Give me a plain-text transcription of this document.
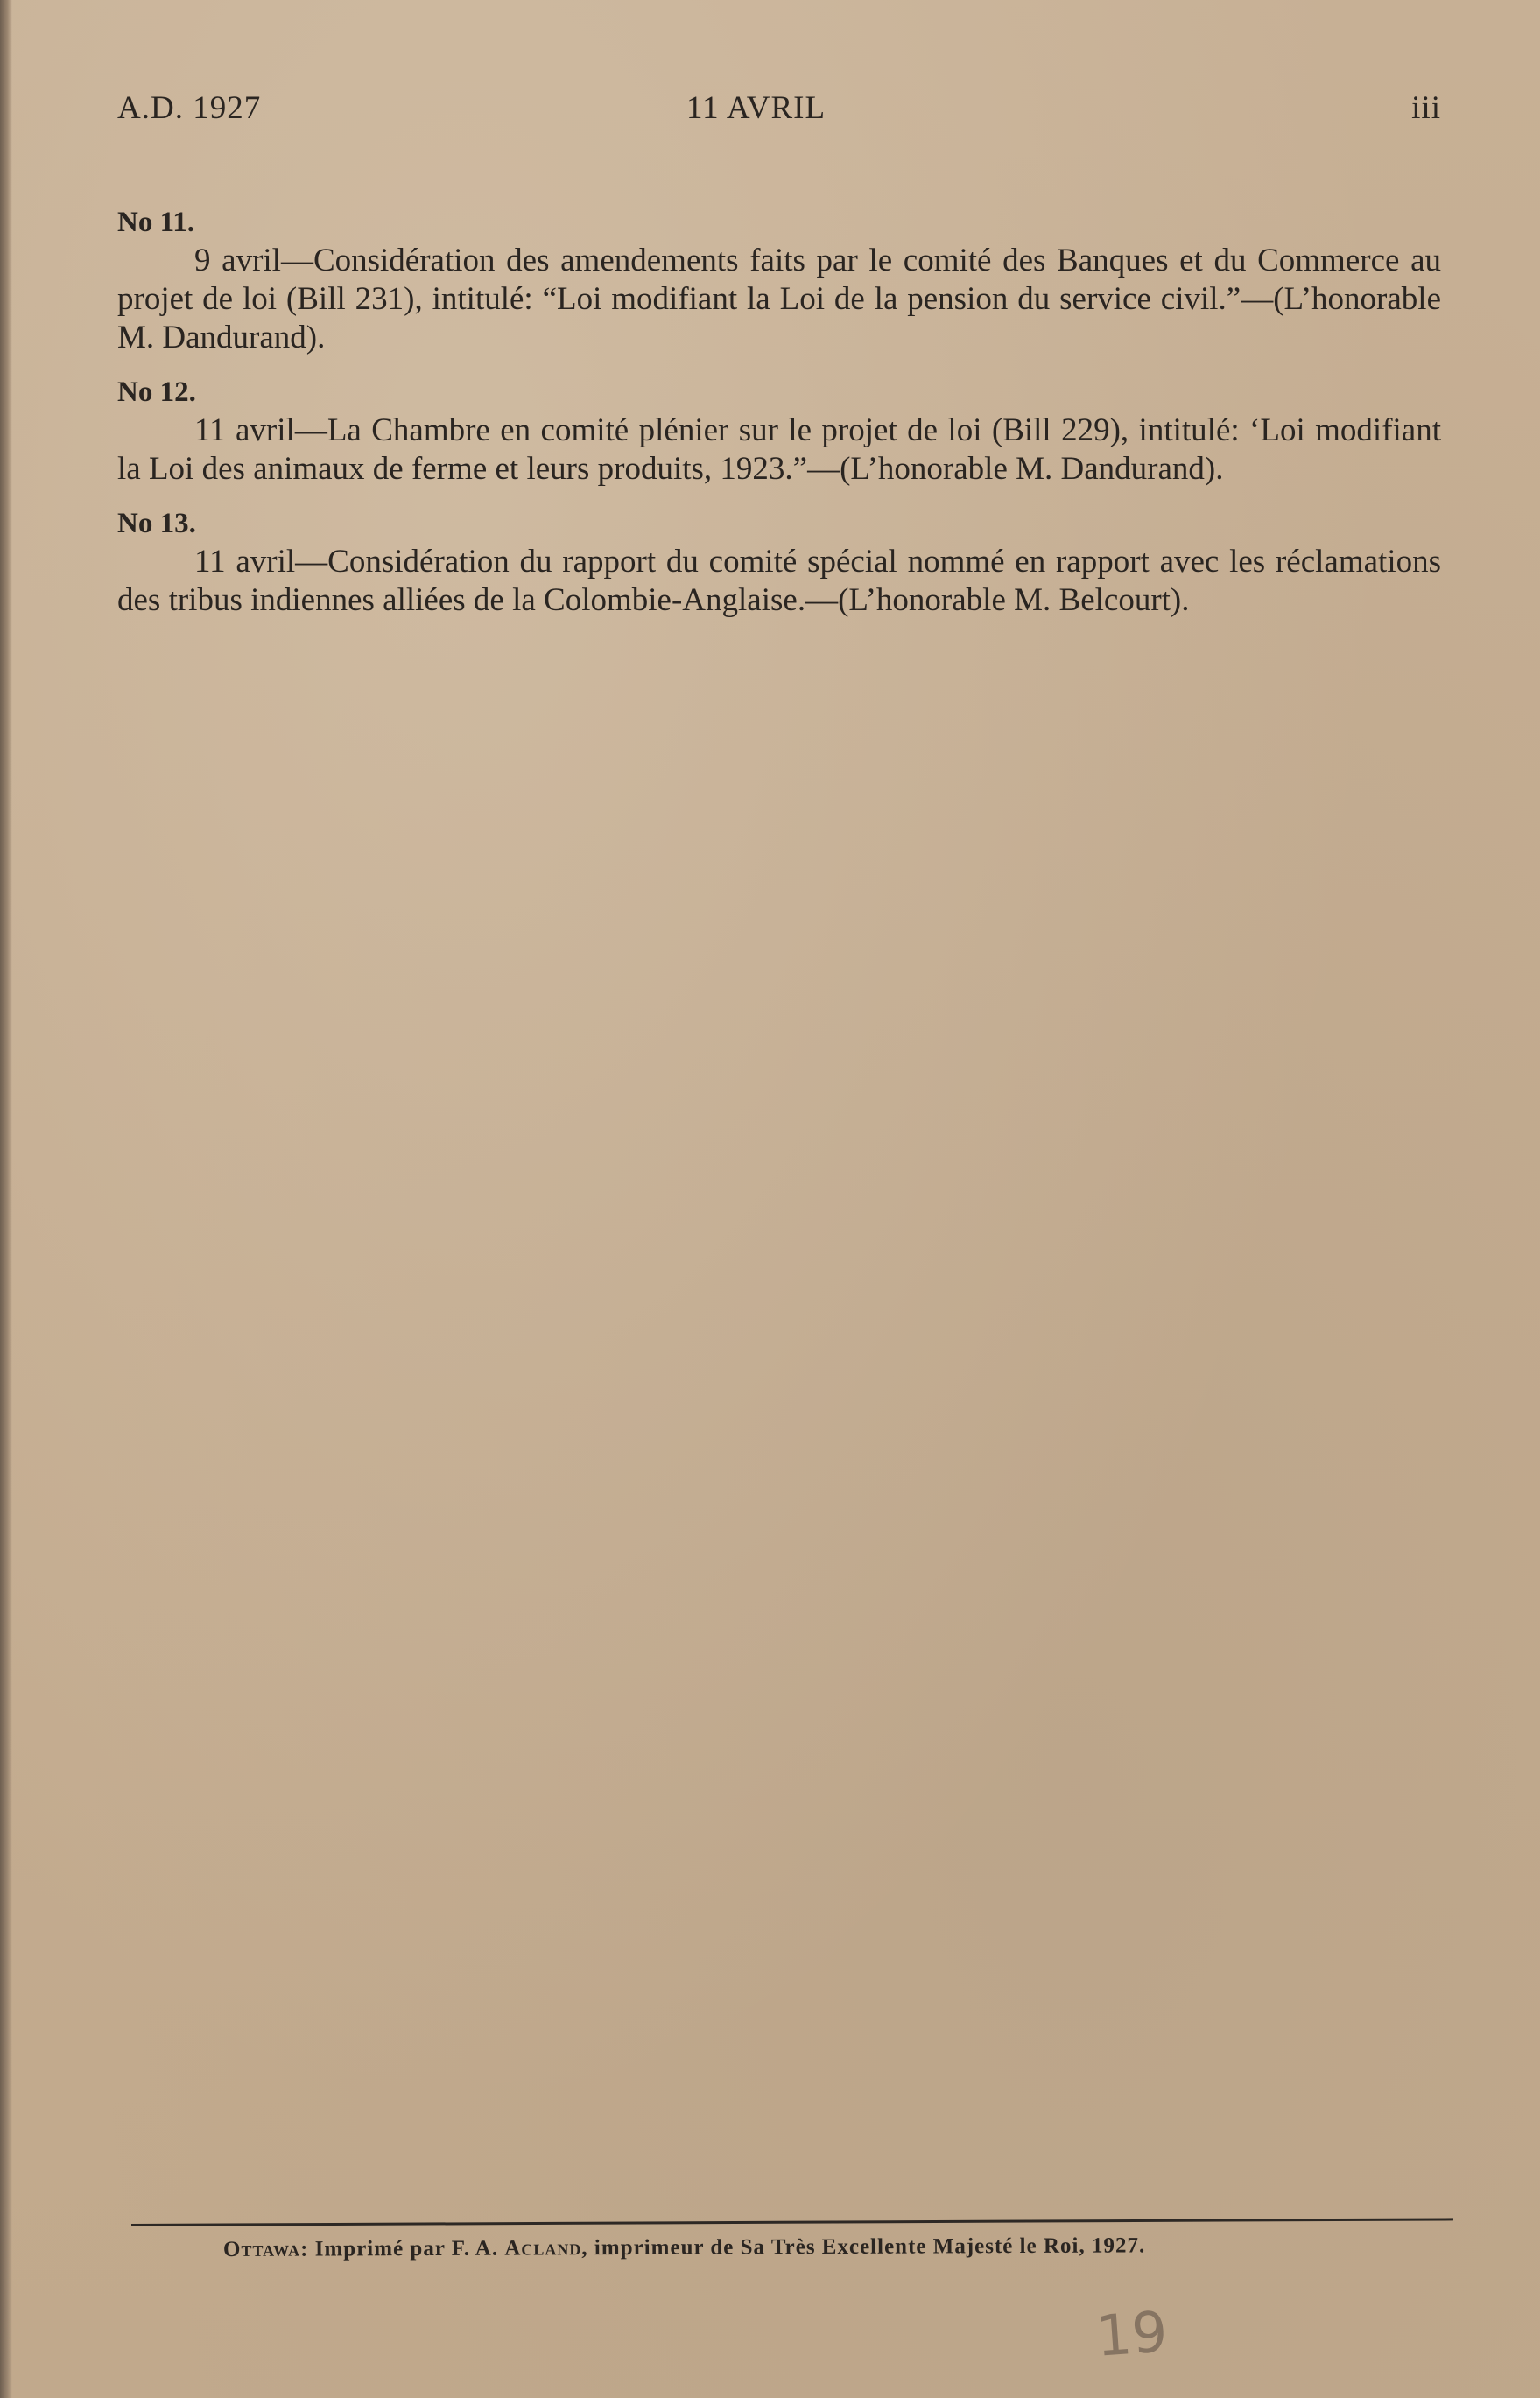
A.D. 1927	11 AVRIL	iii

No 11.

9 avril—Considération des amendements faits par le comité des Banques et du Commerce au projet de loi (Bill 231), intitulé: “Loi modifiant la Loi de la pension du service civil.”—(L’honorable M. Dandurand).

No 12.

11 avril—La Chambre en comité plénier sur le projet de loi (Bill 229), intitulé: ‘Loi modifiant la Loi des animaux de ferme et leurs produits, 1923.”—(L’honorable M. Dandurand).

No 13.

11 avril—Considération du rapport du comité spécial nommé en rapport avec les réclamations des tribus indiennes alliées de la Colombie-Anglaise.—(L’honorable M. Belcourt).

Ottawa: Imprimé par F. A. Acland, imprimeur de Sa Très Excellente Majesté le Roi, 1927.
19
